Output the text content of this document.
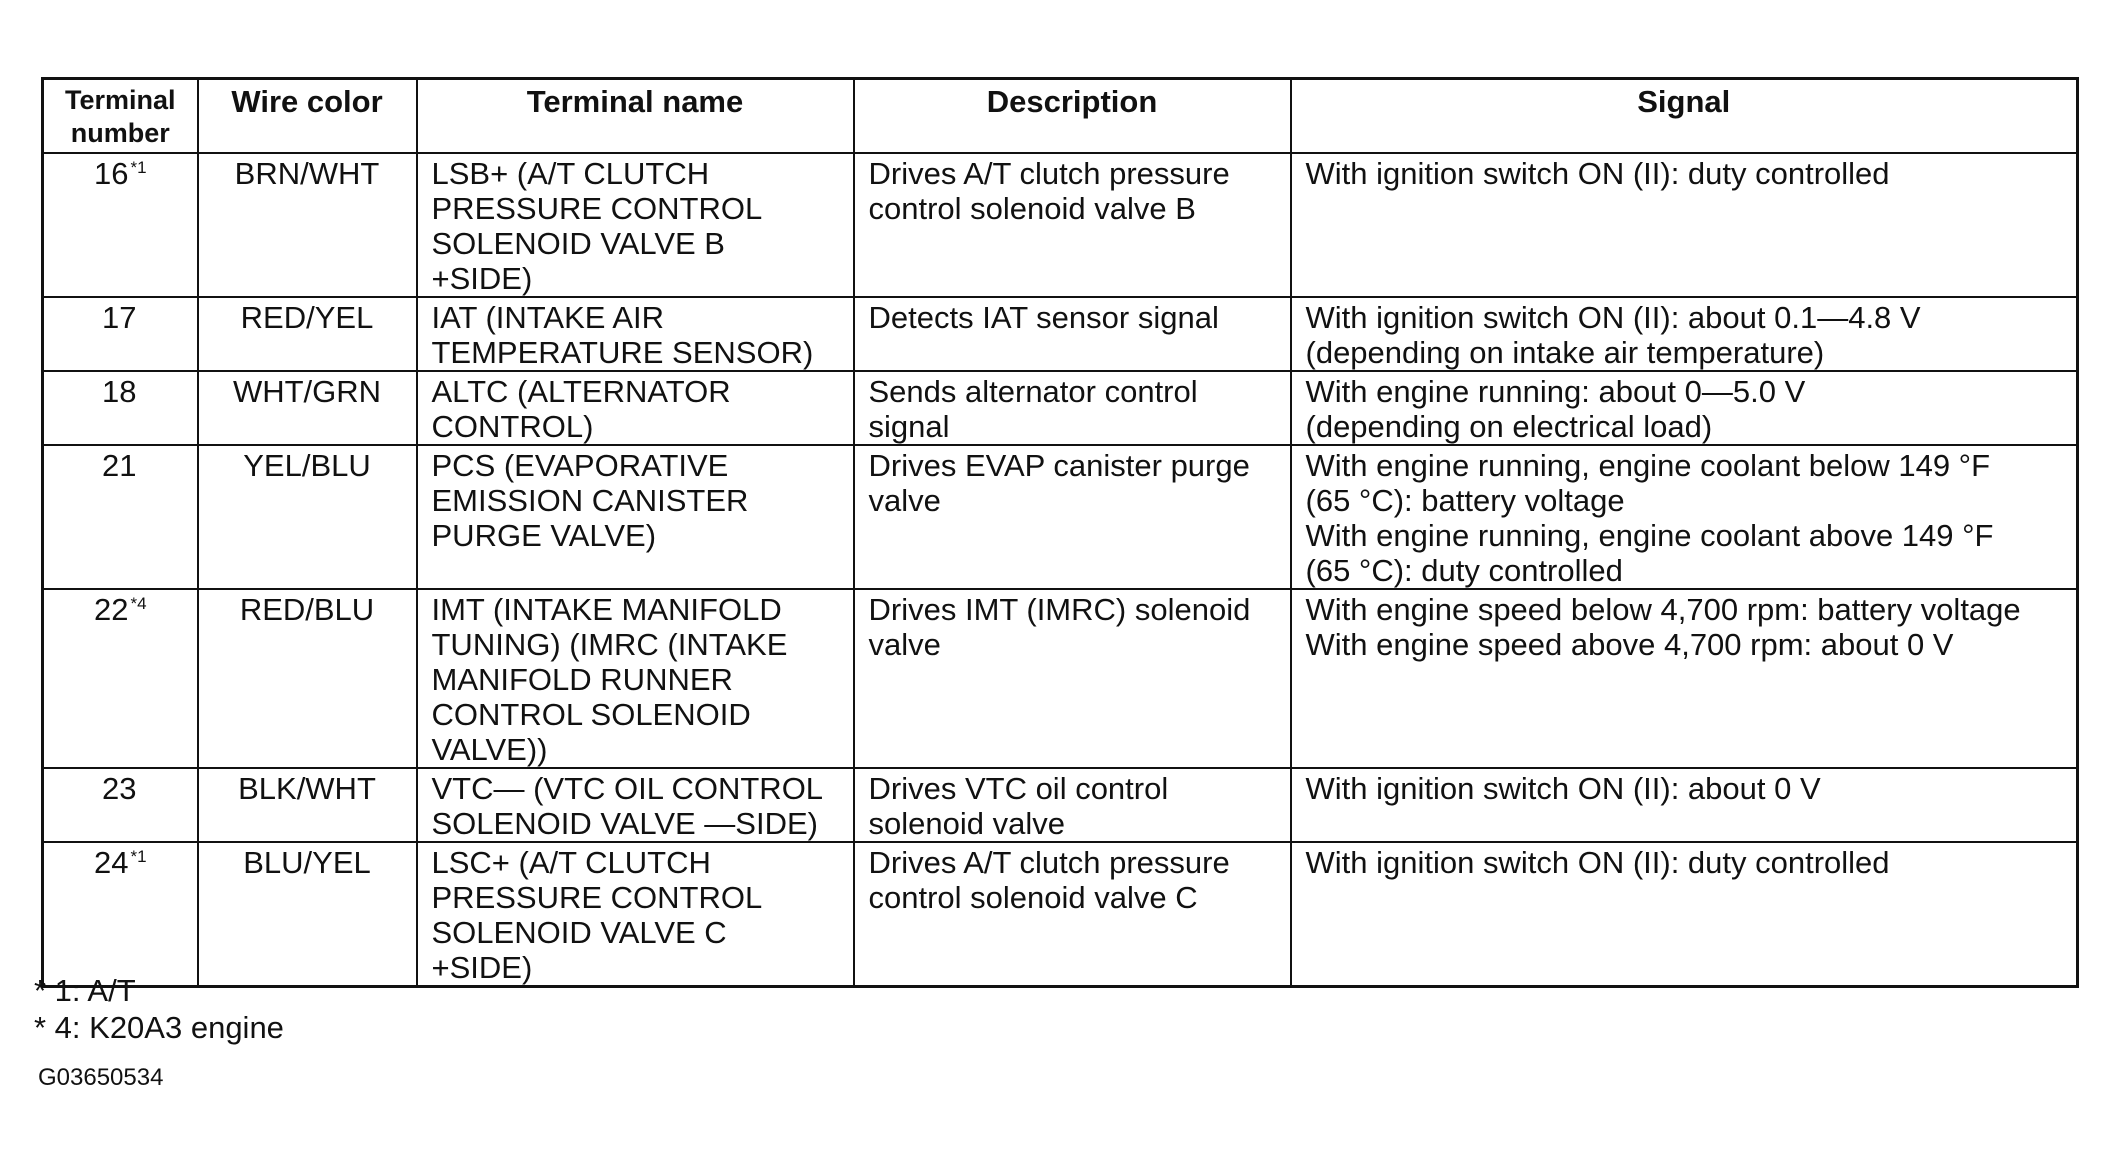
Terminal
number	Wire color	Terminal name	Description	Signal
16 $^{*1}$	BRN/WHT	LSB+ (A/T CLUTCH
PRESSURE CONTROL
SOLENOID VALVE B
+SIDE)	Drives A/T clutch pressure
control solenoid valve B	With ignition switch ON (II): duty controlled
17	RED/YEL	IAT (INTAKE AIR
TEMPERATURE SENSOR)	Detects IAT sensor signal	With ignition switch ON (II): about 0.1—4.8 V
(depending on intake air temperature)
18	WHT/GRN	ALTC (ALTERNATOR
CONTROL)	Sends alternator control
signal	With engine running: about 0—5.0 V
(depending on electrical load)
21	YEL/BLU	PCS (EVAPORATIVE
EMISSION CANISTER
PURGE VALVE)	Drives EVAP canister purge
valve	With engine running, engine coolant below 149 °F
(65 °C): battery voltage
With engine running, engine coolant above 149 °F
(65 °C): duty controlled
22 $^{*4}$	RED/BLU	IMT (INTAKE MANIFOLD
TUNING) (IMRC (INTAKE
MANIFOLD RUNNER
CONTROL SOLENOID
VALVE))	Drives IMT (IMRC) solenoid
valve	With engine speed below 4,700 rpm: battery voltage
With engine speed above 4,700 rpm: about 0 V
23	BLK/WHT	VTC— (VTC OIL CONTROL
SOLENOID VALVE —SIDE)	Drives VTC oil control
solenoid valve	With ignition switch ON (II): about 0 V
24 $^{*1}$	BLU/YEL	LSC+ (A/T CLUTCH
PRESSURE CONTROL
SOLENOID VALVE C
+SIDE)	Drives A/T clutch pressure
control solenoid valve C	With ignition switch ON (II): duty controlled
* 1: A/T
* 4: K20A3 engine
G03650534
